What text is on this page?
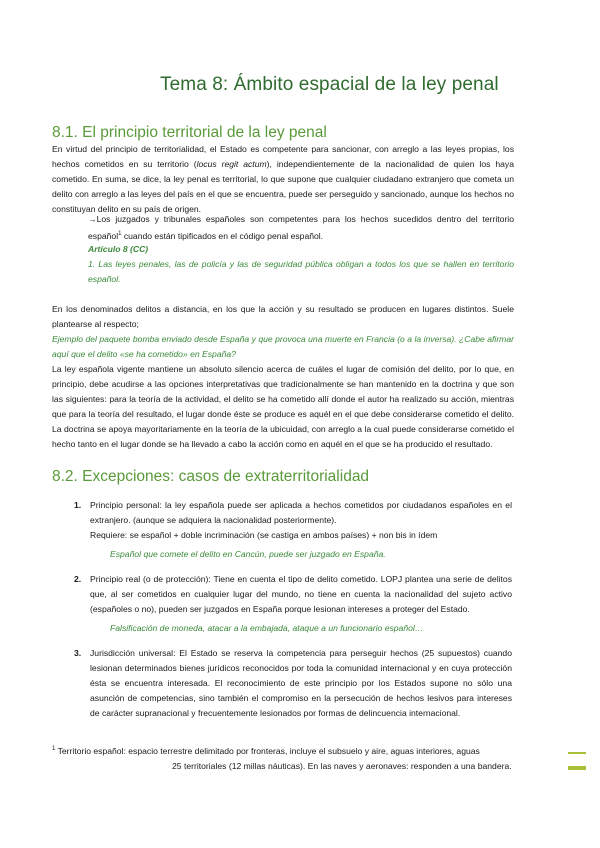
Tema 8: Ámbito espacial de la ley penal
8.1. El principio territorial de la ley penal

En virtud del principio de territorialidad, el Estado es competente para sancionar, con arreglo a las leyes propias, los hechos cometidos en su territorio (locus regit actum), independientemente de la nacionalidad de quien los haya cometido. En suma, se dice, la ley penal es territorial, lo que supone que cualquier ciudadano extranjero que cometa un delito con arreglo a las leyes del país en el que se encuentra, puede ser perseguido y sancionado, aunque los hechos no constituyan delito en su país de origen.

→Los juzgados y tribunales españoles son competentes para los hechos sucedidos dentro del territorio español$^1$ cuando están tipificados en el código penal español.

Artículo 8 (CC)

1. Las leyes penales, las de policía y las de seguridad pública obligan a todos los que se hallen en territorio español.

En los denominados delitos a distancia, en los que la acción y su resultado se producen en lugares distintos. Suele plantearse al respecto;

Ejemplo del paquete bomba enviado desde España y que provoca una muerte en Francia (o a la inversa). ¿Cabe afirmar aquí que el delito «se ha cometido» en España?

La ley española vigente mantiene un absoluto silencio acerca de cuáles el lugar de comisión del delito, por lo que, en principio, debe acudirse a las opciones interpretativas que tradicionalmente se han mantenido en la doctrina y que son las siguientes: para la teoría de la actividad, el delito se ha cometido allí donde el autor ha realizado su acción, mientras que para la teoría del resultado, el lugar donde éste se produce es aquél en el que debe considerarse cometido el delito. La doctrina se apoya mayoritariamente en la teoría de la ubicuidad, con arreglo a la cual puede considerarse cometido el hecho tanto en el lugar donde se ha llevado a cabo la acción como en aquél en el que se ha producido el resultado.

8.2. Excepciones: casos de extraterritorialidad
1. Principio personal: la ley española puede ser aplicada a hechos cometidos por ciudadanos españoles en el extranjero. (aunque se adquiera la nacionalidad posteriormente).
Requiere: se español + doble incriminación (se castiga en ambos países) + non bis in ídem
Español que comete el delito en Cancún, puede ser juzgado en España.
2. Principio real (o de protección): Tiene en cuenta el tipo de delito cometido. LOPJ plantea una serie de delitos que, al ser cometidos en cualquier lugar del mundo, no tiene en cuenta la nacionalidad del sujeto activo (españoles o no), pueden ser juzgados en España porque lesionan intereses a proteger del Estado.
Falsificación de moneda, atacar a la embajada, ataque a un funcionario español…
3. Jurisdicción universal: El Estado se reserva la competencia para perseguir hechos (25 supuestos) cuando lesionan determinados bienes jurídicos reconocidos por toda la comunidad internacional y en cuya protección ésta se encuentra interesada. El reconocimiento de este principio por los Estados supone no sólo una asunción de competencias, sino también el compromiso en la persecución de hechos lesivos para intereses de carácter supranacional y frecuentemente lesionados por formas de delincuencia internacional.
$^1$ Territorio español: espacio terrestre delimitado por fronteras, incluye el subsuelo y aire, aguas interiores, aguas
25 territoriales (12 millas náuticas). En las naves y aeronaves: responden a una bandera.
